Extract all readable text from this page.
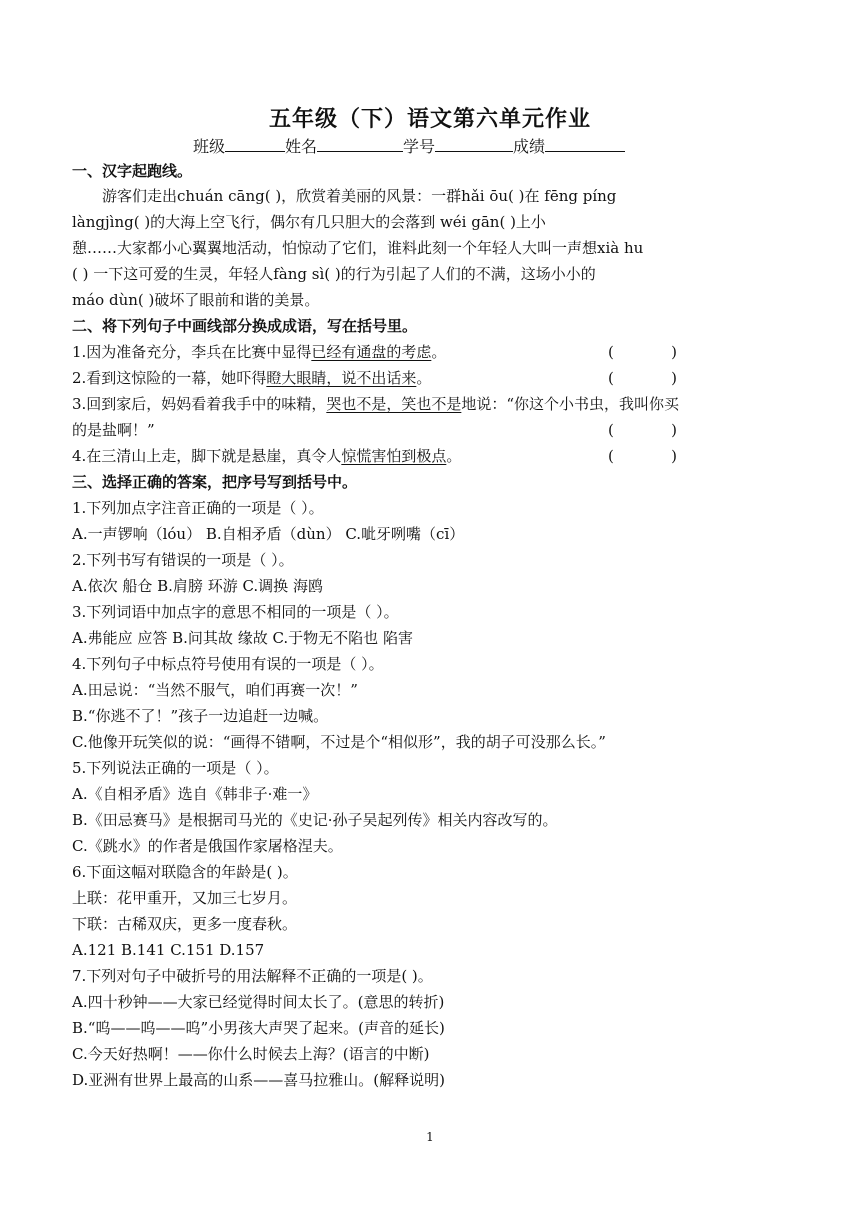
五年级（下）语文第六单元作业
班级	姓名	学号	成绩
一、汉字起跑线。
游客们走出chuán cāng( )，欣赏着美丽的风景：一群hǎi ōu( )在 fēng píng
làngjìng( )的大海上空飞行，偶尔有几只胆大的会落到 wéi gān( )上小
憩……大家都小心翼翼地活动，怕惊动了它们，谁料此刻一个年轻人大叫一声想xià hu
( ) 一下这可爱的生灵，年轻人fàng sì( )的行为引起了人们的不满，这场小小的
máo dùn( )破坏了眼前和谐的美景。
二、将下列句子中画线部分换成成语，写在括号里。
1.因为准备充分，李兵在比赛中显得已经有通盘的考虑。	(            )
2.看到这惊险的一幕，她吓得瞪大眼睛，说不出话来。	(            )
3.回到家后，妈妈看着我手中的味精，哭也不是，笑也不是地说：“你这个小书虫，我叫你买
的是盐啊！”	(            )
4.在三清山上走，脚下就是悬崖，真令人惊慌害怕到极点。	(            )
三、选择正确的答案，把序号写到括号中。
1.下列加点字注音正确的一项是（ ）。
A.一声锣响（lóu） B.自相矛盾（dùn） C.呲牙咧嘴（cī）
2.下列书写有错误的一项是（ ）。
A.依次 船仓 B.肩膀 环游 C.调换 海鸥
3.下列词语中加点字的意思不相同的一项是（ ）。
A.弗能应 应答 B.问其故 缘故 C.于物无不陷也 陷害
4.下列句子中标点符号使用有误的一项是（ ）。
A.田忌说：“当然不服气，咱们再赛一次！”
B.“你逃不了！”孩子一边追赶一边喊。
C.他像开玩笑似的说：“画得不错啊，不过是个“相似形”，我的胡子可没那么长。”
5.下列说法正确的一项是（ ）。
A.《自相矛盾》选自《韩非子·难一》
B.《田忌赛马》是根据司马光的《史记·孙子吴起列传》相关内容改写的。
C.《跳水》的作者是俄国作家屠格涅夫。
6.下面这幅对联隐含的年龄是( )。
上联：花甲重开，又加三七岁月。
下联：古稀双庆，更多一度春秋。
A.121 B.141 C.151 D.157
7.下列对句子中破折号的用法解释不正确的一项是( )。
A.四十秒钟——大家已经觉得时间太长了。(意思的转折)
B.“呜——呜——呜”小男孩大声哭了起来。(声音的延长)
C.今天好热啊！——你什么时候去上海？(语言的中断)
D.亚洲有世界上最高的山系——喜马拉雅山。(解释说明)
1
